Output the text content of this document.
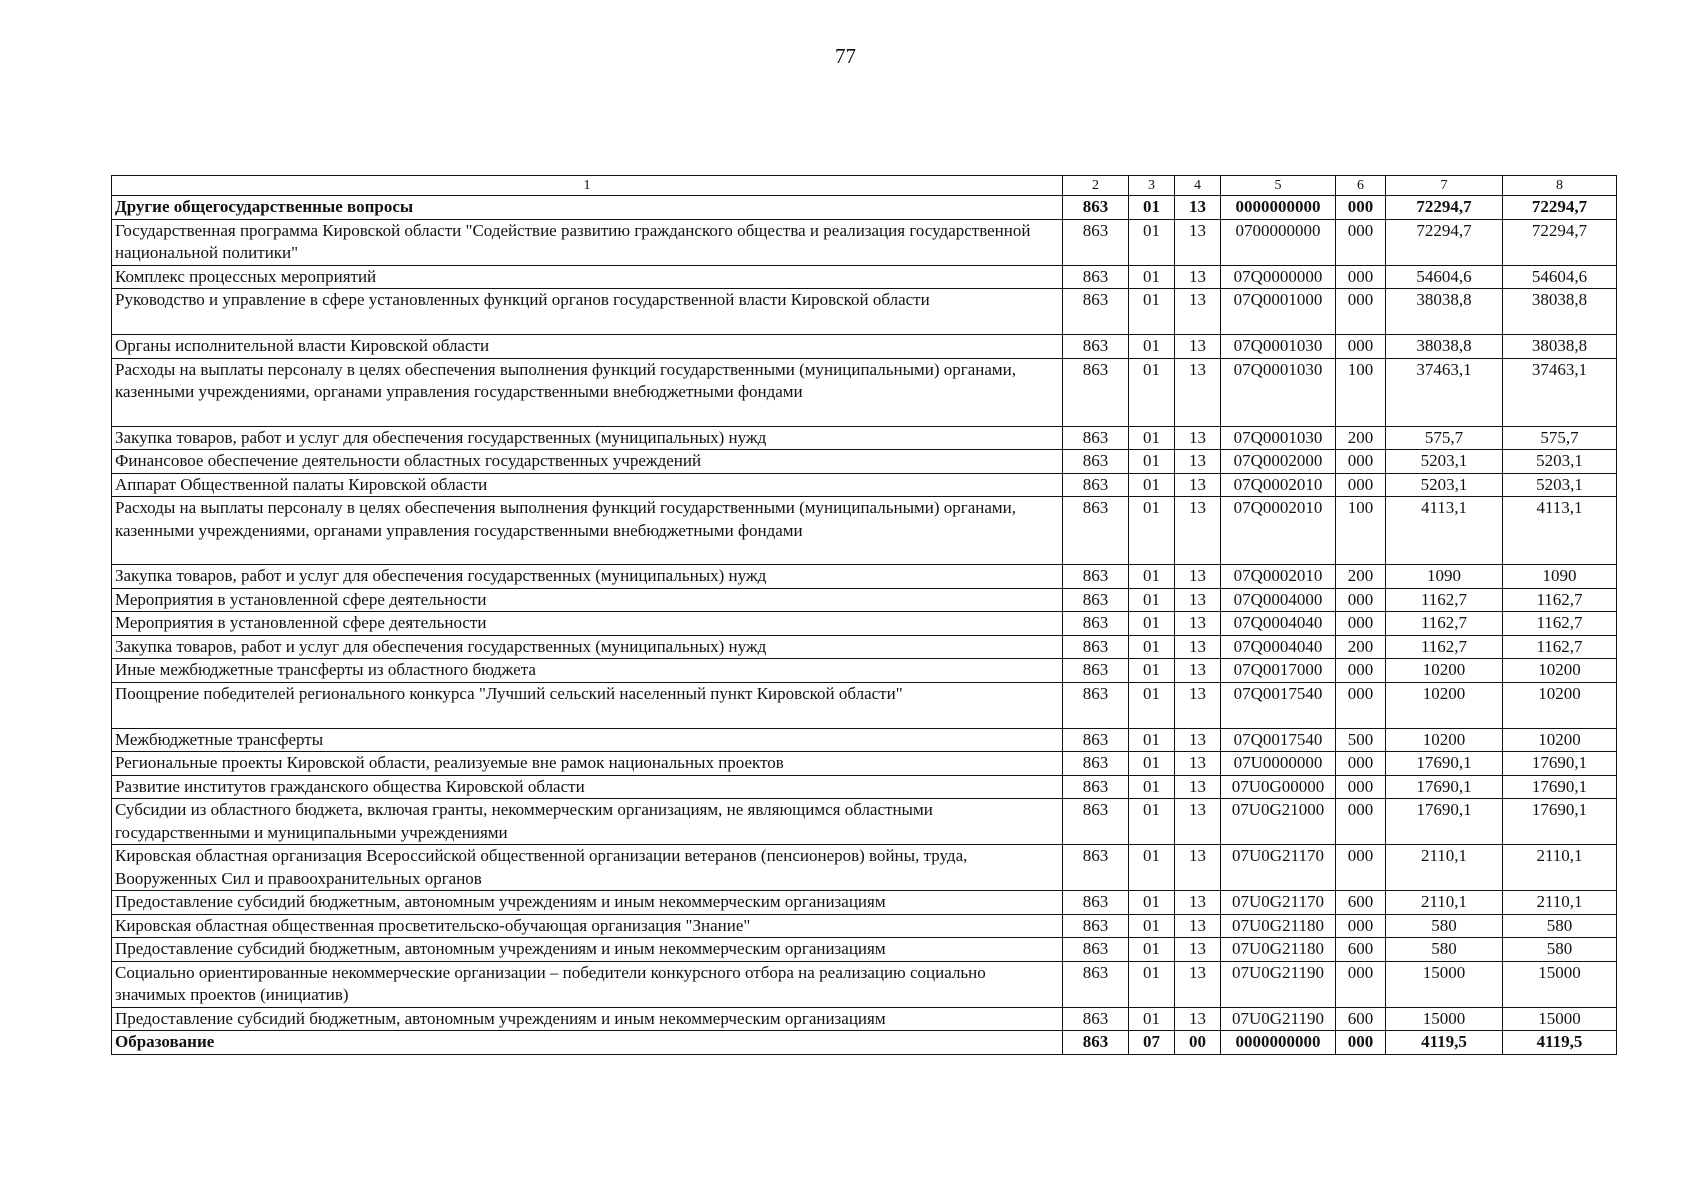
77
1	2	3	4	5	6	7	8
Другие общегосударственные вопросы	863	01	13	0000000000	000	72294,7	72294,7
Государственная программа Кировской области "Содействие развитию гражданского общества и реализация государственной национальной политики"	863	01	13	0700000000	000	72294,7	72294,7
Комплекс процессных мероприятий	863	01	13	07Q0000000	000	54604,6	54604,6
Руководство и управление в сфере установленных функций органов государственной власти Кировской области	863	01	13	07Q0001000	000	38038,8	38038,8
Органы исполнительной власти Кировской области	863	01	13	07Q0001030	000	38038,8	38038,8
Расходы на выплаты персоналу в целях обеспечения выполнения функций государственными (муниципальными) органами, казенными учреждениями, органами управления государственными внебюджетными фондами	863	01	13	07Q0001030	100	37463,1	37463,1
Закупка товаров, работ и услуг для обеспечения государственных (муниципальных) нужд	863	01	13	07Q0001030	200	575,7	575,7
Финансовое обеспечение деятельности областных государственных учреждений	863	01	13	07Q0002000	000	5203,1	5203,1
Аппарат Общественной палаты Кировской области	863	01	13	07Q0002010	000	5203,1	5203,1
Расходы на выплаты персоналу в целях обеспечения выполнения функций государственными (муниципальными) органами, казенными учреждениями, органами управления государственными внебюджетными фондами	863	01	13	07Q0002010	100	4113,1	4113,1
Закупка товаров, работ и услуг для обеспечения государственных (муниципальных) нужд	863	01	13	07Q0002010	200	1090	1090
Мероприятия в установленной сфере деятельности	863	01	13	07Q0004000	000	1162,7	1162,7
Мероприятия в установленной сфере деятельности	863	01	13	07Q0004040	000	1162,7	1162,7
Закупка товаров, работ и услуг для обеспечения государственных (муниципальных) нужд	863	01	13	07Q0004040	200	1162,7	1162,7
Иные межбюджетные трансферты из областного бюджета	863	01	13	07Q0017000	000	10200	10200
Поощрение победителей регионального конкурса "Лучший сельский населенный пункт Кировской области"	863	01	13	07Q0017540	000	10200	10200
Межбюджетные трансферты	863	01	13	07Q0017540	500	10200	10200
Региональные проекты Кировской области, реализуемые вне рамок национальных проектов	863	01	13	07U0000000	000	17690,1	17690,1
Развитие институтов гражданского общества Кировской области	863	01	13	07U0G00000	000	17690,1	17690,1
Субсидии из областного бюджета, включая гранты, некоммерческим организациям, не являющимся областными государственными и муниципальными учреждениями	863	01	13	07U0G21000	000	17690,1	17690,1
Кировская областная организация Всероссийской общественной организации ветеранов (пенсионеров) войны, труда, Вооруженных Сил и правоохранительных органов	863	01	13	07U0G21170	000	2110,1	2110,1
Предоставление субсидий бюджетным, автономным учреждениям и иным некоммерческим организациям	863	01	13	07U0G21170	600	2110,1	2110,1
Кировская областная общественная просветительско-обучающая организация "Знание"	863	01	13	07U0G21180	000	580	580
Предоставление субсидий бюджетным, автономным учреждениям и иным некоммерческим организациям	863	01	13	07U0G21180	600	580	580
Социально ориентированные некоммерческие организации – победители конкурсного отбора на реализацию социально значимых проектов (инициатив)	863	01	13	07U0G21190	000	15000	15000
Предоставление субсидий бюджетным, автономным учреждениям и иным некоммерческим организациям	863	01	13	07U0G21190	600	15000	15000
Образование	863	07	00	0000000000	000	4119,5	4119,5
